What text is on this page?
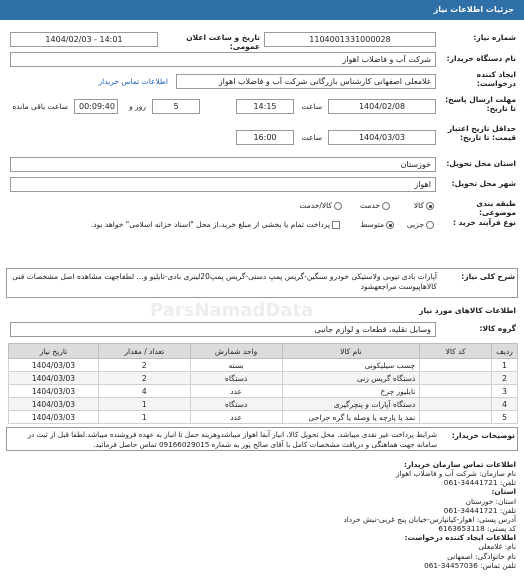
جزئیات اطلاعات نیاز
شماره نیاز:
1104001331000028
تاریخ و ساعت اعلان عمومی:
1404/02/03 - 14:01
نام دستگاه خریدار:
شرکت آب و فاضلاب اهواز
ایجاد کننده درخواست:
غلامعلی اصفهانی کارشناس بازرگانی شرکت آب و فاضلاب اهواز
اطلاعات تماس خریدار
مهلت ارسال پاسخ: تا تاریخ:
1404/02/08
ساعت
14:15
5
روز و
00:09:40
ساعت باقی مانده
حداقل تاریخ اعتبار قیمت: تا تاریخ:
1404/03/03
ساعت
16:00
استان محل تحویل:
خوزستان
شهر محل تحویل:
اهواز
طبقه بندی موضوعی:
کالا
خدمت
کالا/خدمت
نوع فرآیند خرید :
جزیی
متوسط
پرداخت تمام یا بخشی از مبلغ خرید،از محل "اسناد خزانه اسلامی" خواهد بود.
شرح کلی نیاز:
آپارات بادی تیوبی ولاستیکی خودرو سنگین-گریس پمپ دستی-گریس پمپ20لیتری بادی-تایلیو و... لطفاجهت مشاهده اصل مشخصات فنی کالاهاپیوست مراجعهشود
اطلاعات کالاهای مورد نیاز
گروه کالا:
وسایل نقلیه، قطعات و لوازم جانبی
ردیف	کد کالا	نام کالا	واحد شمارش	تعداد / مقدار	تاریخ نیاز
1		چسب سیلیکونی	بسته	2	1404/03/03
2		دستگاه گریس زنی	دستگاه	2	1404/03/03
3		تایلیور چرخ	عدد	4	1404/03/03
4		دستگاه آپارات و پنچرگیری	دستگاه	1	1404/03/03
5		نمد یا پارچه یا وصله یا گره جراحی	عدد	1	1404/03/03
توضیحات خریدار:
شرایط پرداخت غیر نقدی میباشد. محل تحویل کالا، انبار آبفا اهواز میباشدوهزینه حمل تا انبار به عهده فروشنده میباشد.لطفا قبل از ثبت در سامانه جهت هماهنگی و دریافت مشخصات کامل با آقای صالح پور به شماره 09166029015 تماس حاصل فرمائید.
اطلاعات تماس سازمان خریدار:
نام سازمان: شرکت آب و فاضلاب اهواز
تلفن: 34441721-061
استان:
استان: خوزستان
تلفن: 34441721-061
آدرس پستی: اهواز-کیانپارس-خیابان پنج غربی-نبش خرداد
کد پستی: 6163653118
اطلاعات ایجاد کننده درخواست:
نام: غلامعلی
نام خانوادگی: اصفهانی
تلفن تماس: 34457036-061
ParsNamadData
